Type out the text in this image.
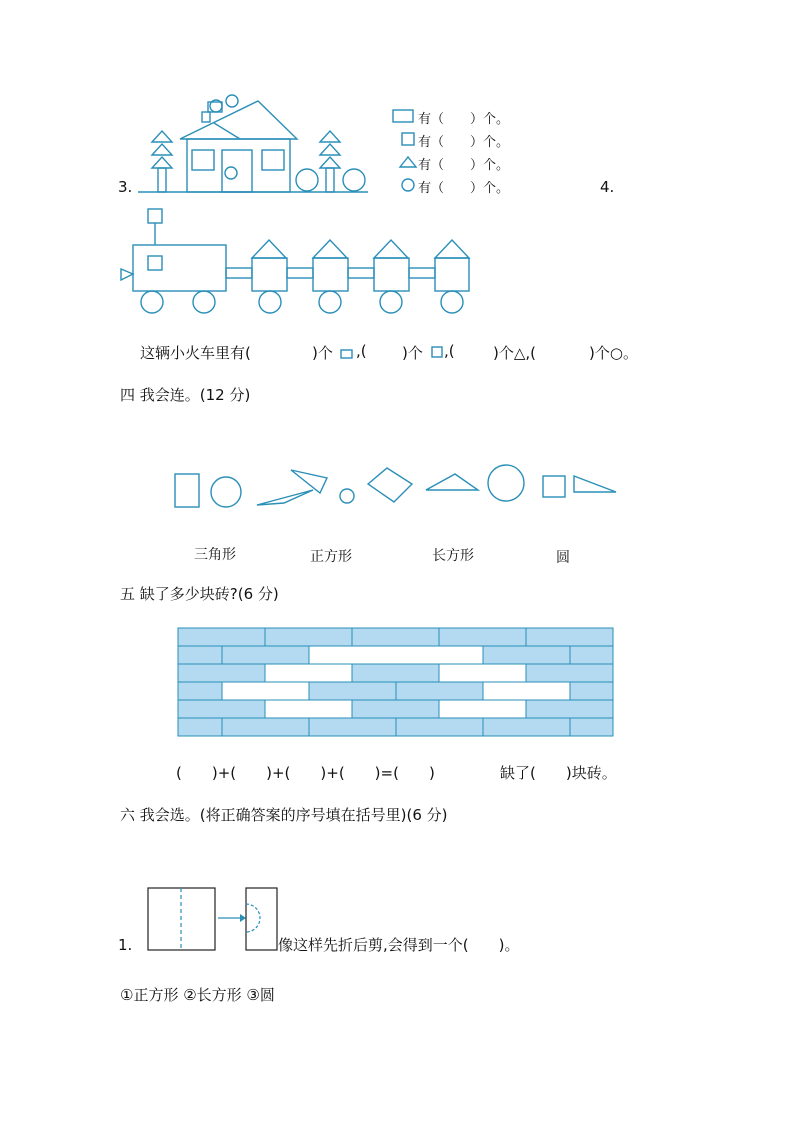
3.
有（　　）个。
有（　　）个。
有（　　）个。
有（　　）个。	4.
这辆小火车里有(	)个 ,( )个 ,(	)个△,(	)个○。
四 我会连。(12 分)
三角形	正方形	长方形	圆
五 缺了多少块砖?(6 分)
(　　)+(　　)+(　　)+(　　)=(　　)	缺了(　　)块砖。
六 我会选。(将正确答案的序号填在括号里)(6 分)
1.	像这样先折后剪,会得到一个(　　)。
①正方形 ②长方形 ③圆
